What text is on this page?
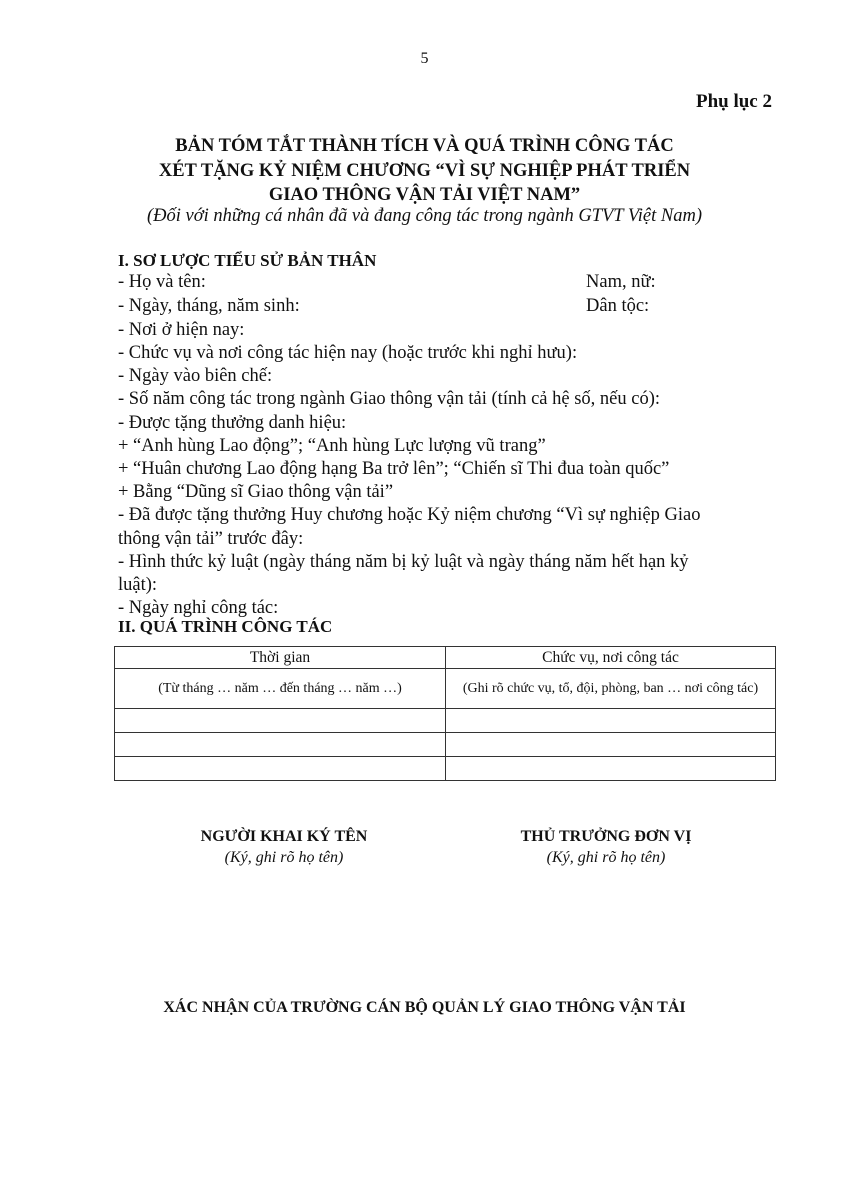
5
Phụ lục 2
BẢN TÓM TẮT THÀNH TÍCH VÀ QUÁ TRÌNH CÔNG TÁC
XÉT TẶNG KỶ NIỆM CHƯƠNG “VÌ SỰ NGHIỆP PHÁT TRIỂN
GIAO THÔNG VẬN TẢI VIỆT NAM”
(Đối với những cá nhân đã và đang công tác trong ngành GTVT Việt Nam)
I. SƠ LƯỢC TIỂU SỬ BẢN THÂN
- Họ và tên:	Nam, nữ:
- Ngày, tháng, năm sinh:	Dân tộc:
- Nơi ở hiện nay:
- Chức vụ và nơi công tác hiện nay (hoặc trước khi nghỉ hưu):
- Ngày vào biên chế:
- Số năm công tác trong ngành Giao thông vận tải (tính cả hệ số, nếu có):
- Được tặng thưởng danh hiệu:
+ “Anh hùng Lao động”; “Anh hùng Lực lượng vũ trang”
+ “Huân chương Lao động hạng Ba trở lên”; “Chiến sĩ Thi đua toàn quốc”
+ Bằng “Dũng sĩ Giao thông vận tải”
- Đã được tặng thưởng Huy chương hoặc Kỷ niệm chương “Vì sự nghiệp Giao
thông vận tải” trước đây:
- Hình thức kỷ luật (ngày tháng năm bị kỷ luật và ngày tháng năm hết hạn kỷ
luật):
- Ngày nghỉ công tác:
II. QUÁ TRÌNH CÔNG TÁC
Thời gian	Chức vụ, nơi công tác
(Từ tháng … năm … đến tháng … năm …)	(Ghi rõ chức vụ, tổ, đội, phòng, ban … nơi công tác)

NGƯỜI KHAI KÝ TÊN
(Ký, ghi rõ họ tên)
THỦ TRƯỞNG ĐƠN VỊ
(Ký, ghi rõ họ tên)
XÁC NHẬN CỦA TRƯỜNG CÁN BỘ QUẢN LÝ GIAO THÔNG VẬN TẢI
